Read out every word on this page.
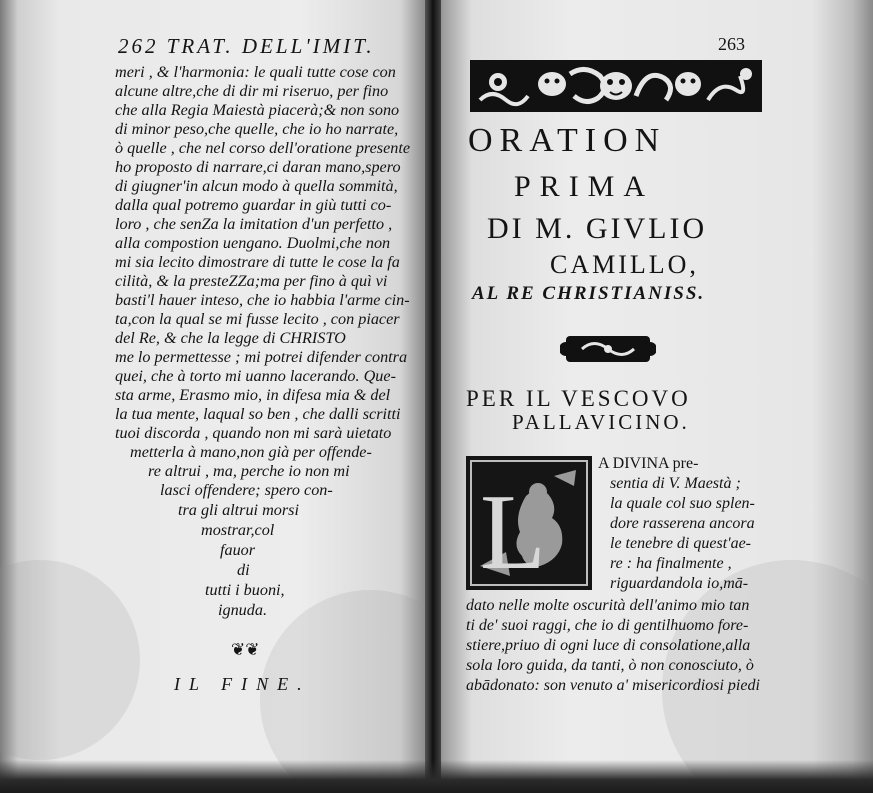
262 TRAT. DELL'IMIT.
meri , & l'harmonia: le quali tutte cose con
alcune altre,che di dir mi riseruo, per fino
che alla Regia Maiestà piacerà;& non sono
di minor peso,che quelle, che io ho narrate,
ò quelle , che nel corso dell'oratione presente
ho proposto di narrare,ci daran mano,spero
di giugner'in alcun modo à quella sommità,
dalla qual potremo guardar in giù tutti co-
loro , che senZa la imitation d'un perfetto ,
alla compostion uengano. Duolmi,che non
mi sia lecito dimostrare di tutte le cose la fa
cilità, & la presteZZa;ma per fino à quì vi
basti'l hauer inteso, che io habbia l'arme cin-
ta,con la qual se mi fusse lecito , con piacer
del Re, & che la legge di CHRISTO
me lo permettesse ; mi potrei difender contra
quei, che à torto mi uanno lacerando. Que-
sta arme, Erasmo mio, in difesa mia & del
la tua mente, laqual so ben , che dalli scritti
tuoi discorda , quando non mi sarà uietato
metterla à mano,non già per offende-
re altrui , ma, perche io non mi
lasci offendere; spero con-
tra gli altrui morsi
mostrar,col
fauor
di
tutti i buoni,
ignuda.
❦❦
IL FINE.
263
ORATION
PRIMA
DI M. GIVLIO
CAMILLO,
AL RE CHRISTIANISS.
PER IL VESCOVO
PALLAVICINO.
L
A DIVINA pre-
sentia di V. Maestà ;
la quale col suo splen-
dore rasserena ancora
le tenebre di quest'ae-
re : ha finalmente ,
riguardandola io,mā-
dato nelle molte oscurità dell'animo mio tan
ti de' suoi raggi, che io di gentilhuomo fore-
stiere,priuo di ogni luce di consolatione,alla
sola loro guida, da tanti, ò non conosciuto, ò
abādonato: son venuto a' misericordiosi piedi
